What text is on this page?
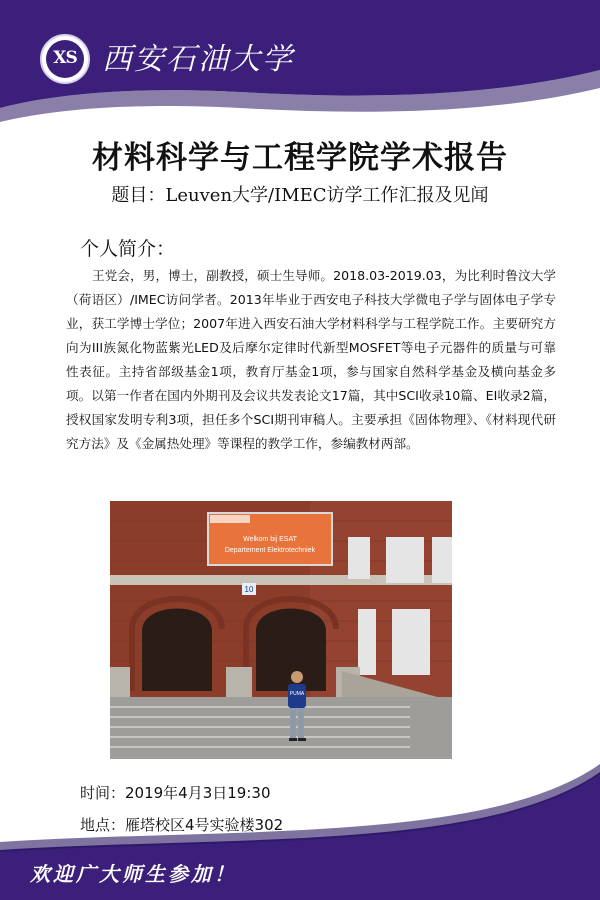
XS 西安石油大学
材料科学与工程学院学术报告
题目：Leuven大学/IMEC访学工作汇报及见闻
个人简介：

王党会，男，博士，副教授，硕士生导师。2018.03-2019.03，为比利时鲁汶大学（荷语区）/IMEC访问学者。2013年毕业于西安电子科技大学微电子学与固体电子学专业，获工学博士学位；2007年进入西安石油大学材料科学与工程学院工作。主要研究方向为III族氮化物蓝紫光LED及后摩尔定律时代新型MOSFET等电子元器件的质量与可靠性表征。主持省部级基金1项，教育厅基金1项，参与国家自然科学基金及横向基金多项。以第一作者在国内外期刊及会议共发表论文17篇，其中SCI收录10篇、EI收录2篇，授权国家发明专利3项，担任多个SCI期刊审稿人。主要承担《固体物理》、《材料现代研究方法》及《金属热处理》等课程的教学工作，参编教材两部。

Welkom bij ESAT
Departement Elektrotechniek
10
PUMA
时间：2019年4月3日19:30
地点：雁塔校区4号实验楼302
欢迎广大师生参加！
